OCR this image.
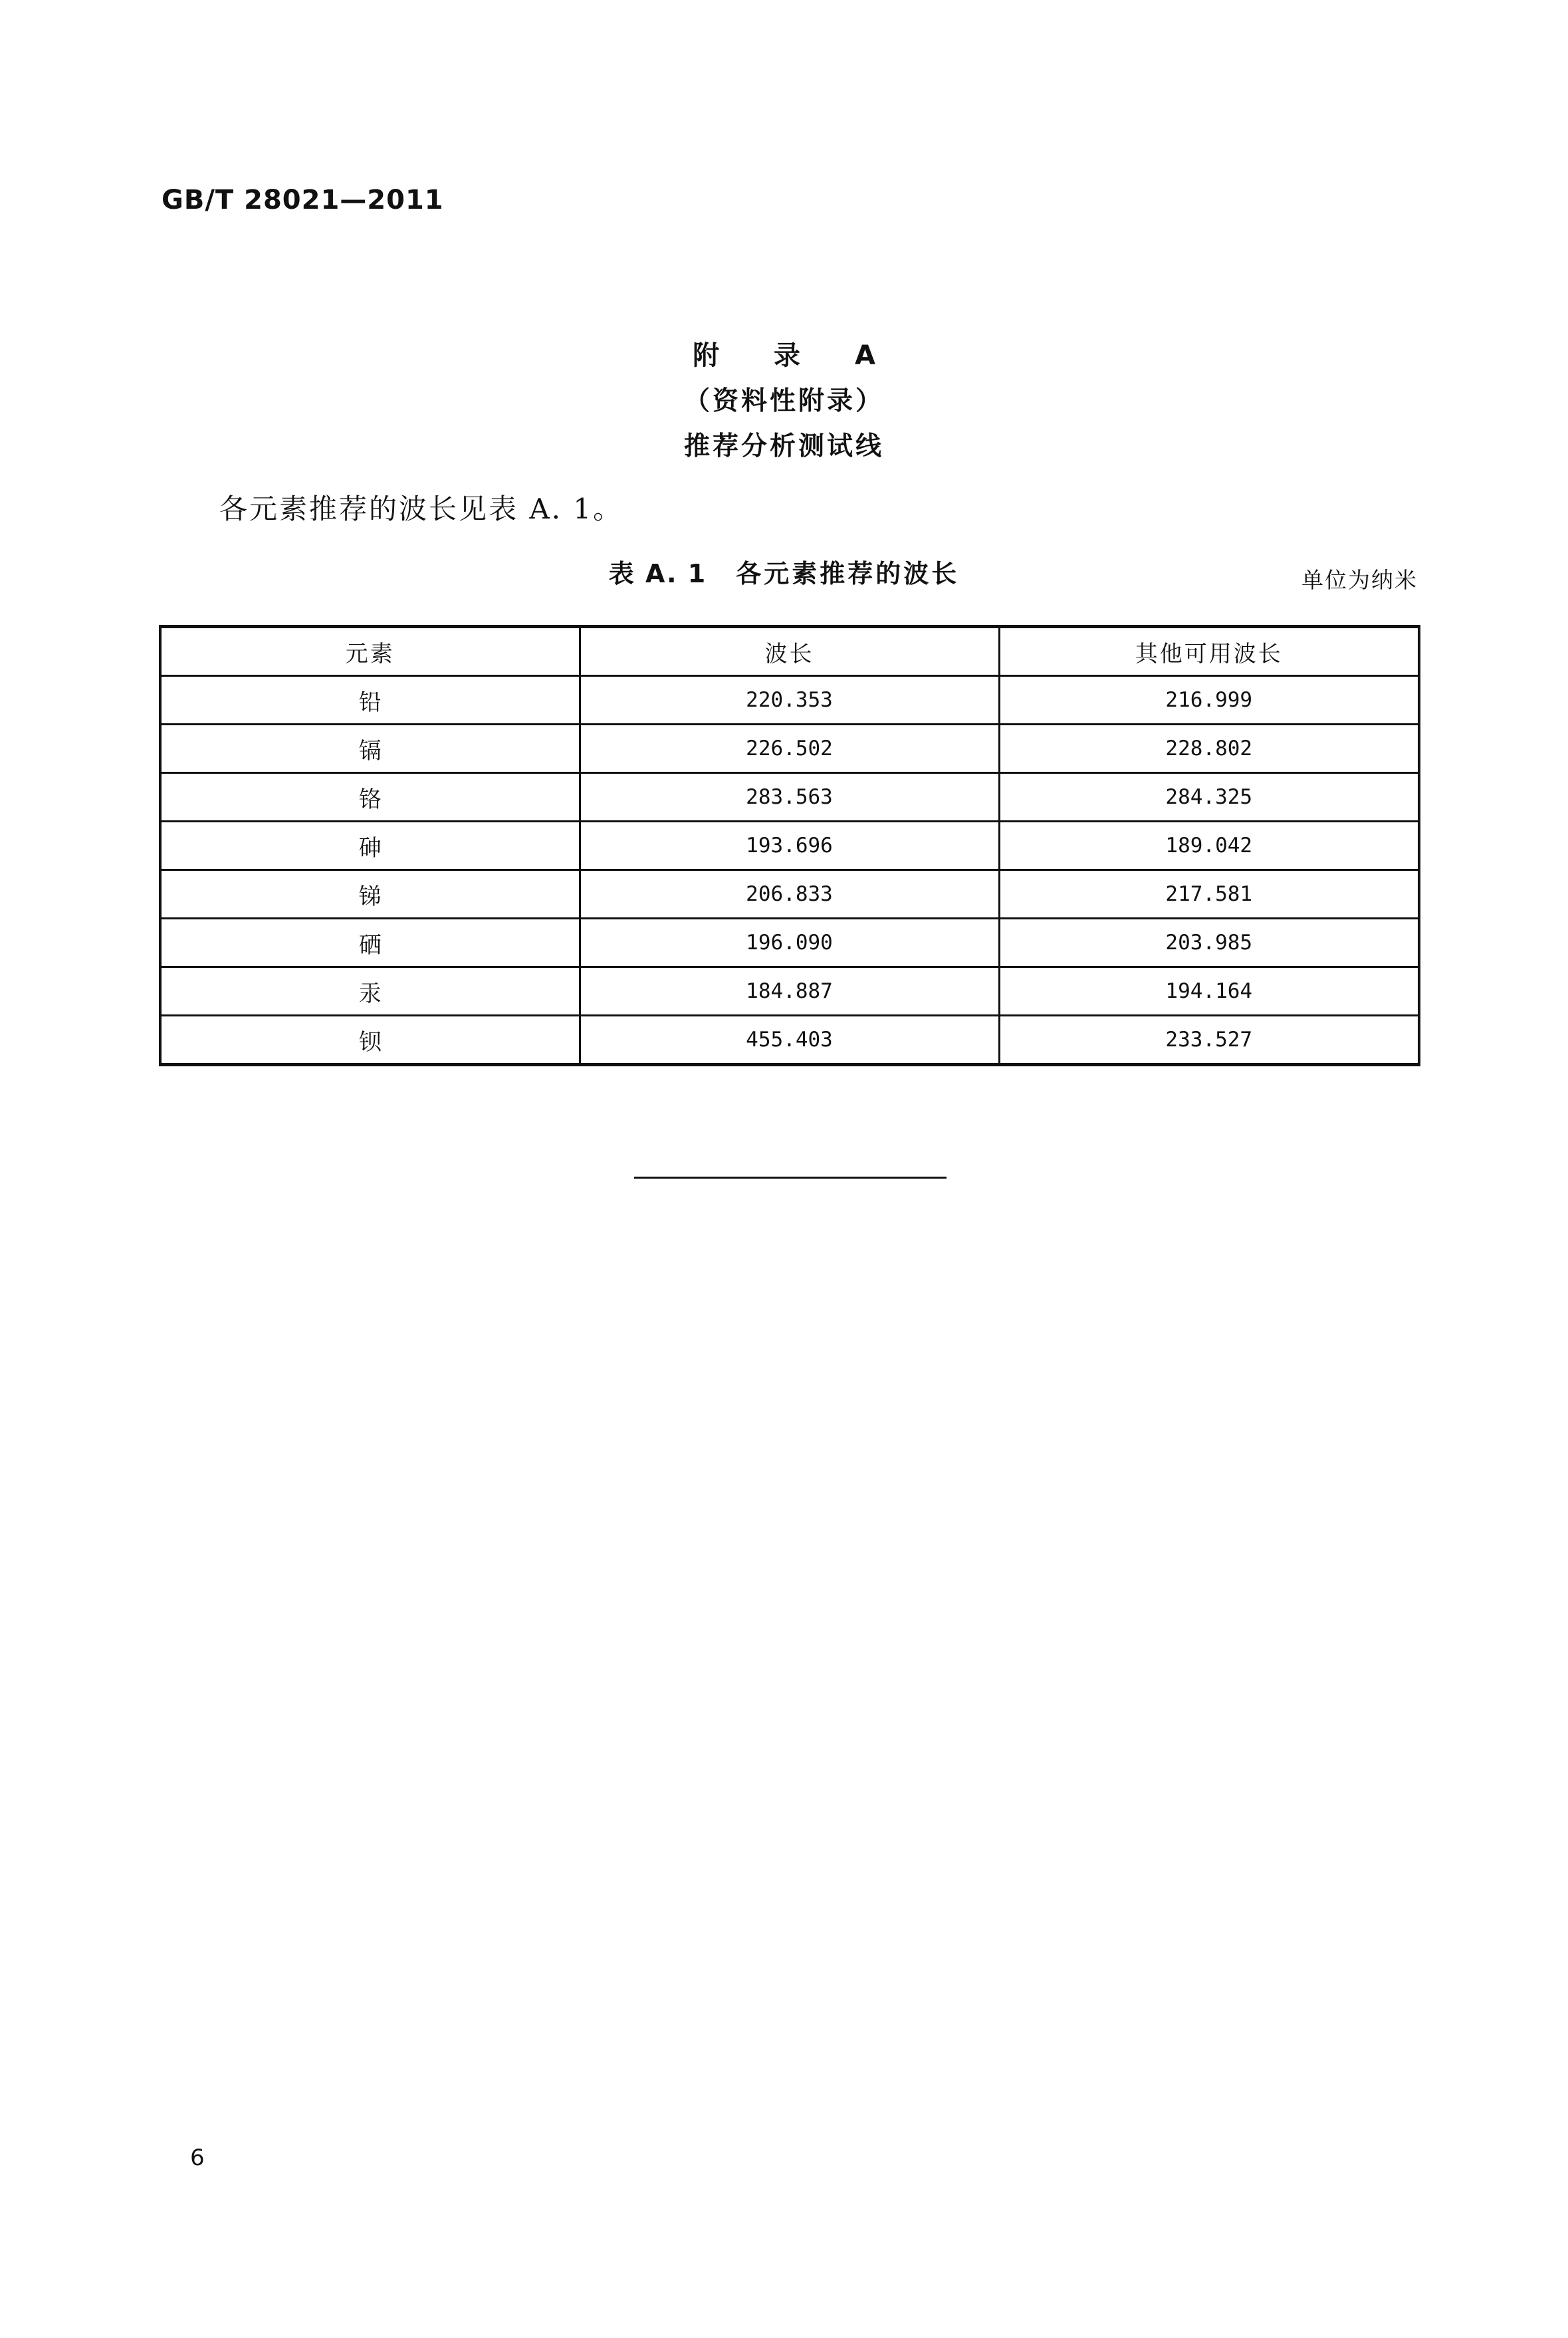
GB/T 28021—2011
附 录 A
（资料性附录）
推荐分析测试线
各元素推荐的波长见表 A. 1。
表 A. 1 各元素推荐的波长	单位为纳米
元素	波长	其他可用波长
铅	220.353	216.999
镉	226.502	228.802
铬	283.563	284.325
砷	193.696	189.042
锑	206.833	217.581
硒	196.090	203.985
汞	184.887	194.164
钡	455.403	233.527
6
